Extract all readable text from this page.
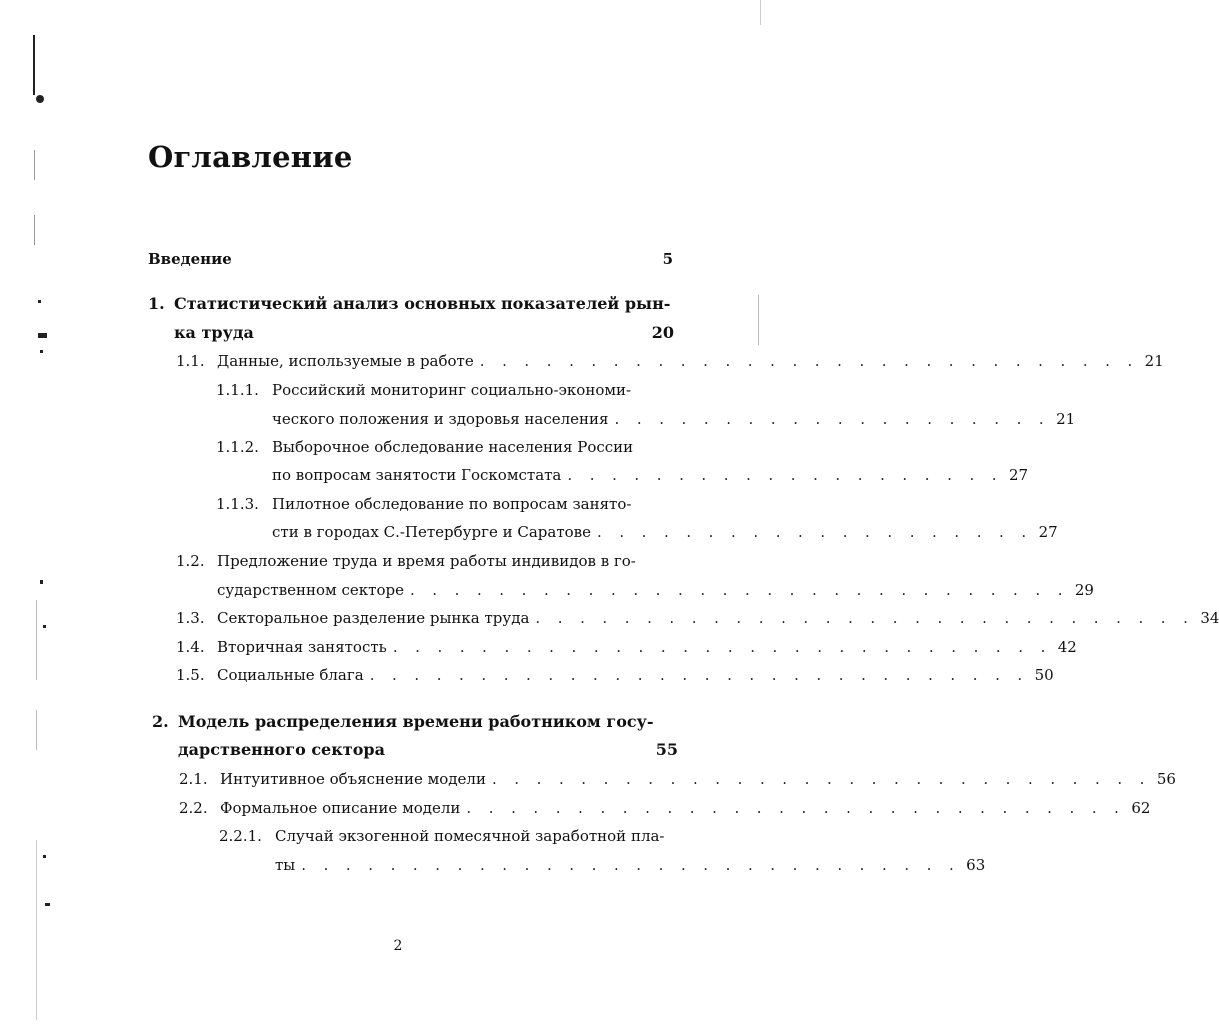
Оглавление
Введение	5
1. Статистический анализ основных показателей рын-
ка труда	20
1.1. Данные, используемые в работе . . . . . . . . . . . . . . . . . . . . . . . . . . . . . . 21
1.1.1. Российский мониторинг социально-экономи-
ческого положения и здоровья населения . . . . . . . . . . . . . . . . . . . . 21
1.1.2. Выборочное обследование населения России
по вопросам занятости Госкомстата . . . . . . . . . . . . . . . . . . . . 27
1.1.3. Пилотное обследование по вопросам занято-
сти в городах С.-Петербурге и Саратове . . . . . . . . . . . . . . . . . . . . 27
1.2. Предложение труда и время работы индивидов в го-
сударственном секторе . . . . . . . . . . . . . . . . . . . . . . . . . . . . . . 29
1.3. Секторальное разделение рынка труда . . . . . . . . . . . . . . . . . . . . . . . . . . . . . . 34
1.4. Вторичная занятость . . . . . . . . . . . . . . . . . . . . . . . . . . . . . . 42
1.5. Социальные блага . . . . . . . . . . . . . . . . . . . . . . . . . . . . . . 50
2. Модель распределения времени работником госу-
дарственного сектора	55
2.1. Интуитивное объяснение модели . . . . . . . . . . . . . . . . . . . . . . . . . . . . . . 56
2.2. Формальное описание модели . . . . . . . . . . . . . . . . . . . . . . . . . . . . . . 62
2.2.1. Случай экзогенной помесячной заработной пла-
ты . . . . . . . . . . . . . . . . . . . . . . . . . . . . . . 63
2
